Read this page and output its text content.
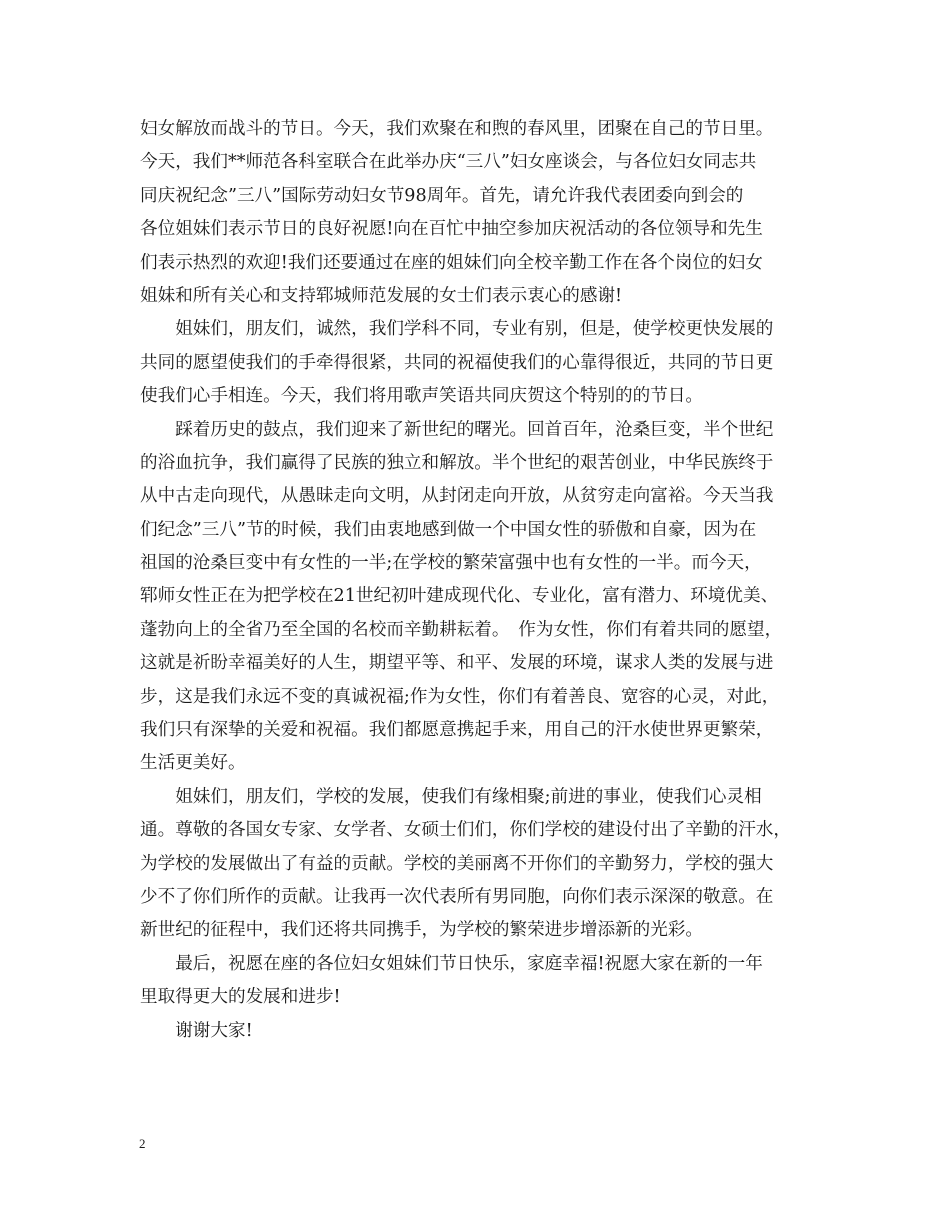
妇女解放而战斗的节日。今天，我们欢聚在和煦的春风里，团聚在自己的节日里。
今天，我们**师范各科室联合在此举办庆“三八”妇女座谈会，与各位妇女同志共
同庆祝纪念”三八”国际劳动妇女节98周年。首先，请允许我代表团委向到会的
各位姐妹们表示节日的良好祝愿!向在百忙中抽空参加庆祝活动的各位领导和先生
们表示热烈的欢迎!我们还要通过在座的姐妹们向全校辛勤工作在各个岗位的妇女
姐妹和所有关心和支持郓城师范发展的女士们表示衷心的感谢!
　　姐妹们，朋友们，诚然，我们学科不同，专业有别，但是，使学校更快发展的
共同的愿望使我们的手牵得很紧，共同的祝福使我们的心靠得很近，共同的节日更
使我们心手相连。今天，我们将用歌声笑语共同庆贺这个特别的的节日。
　　踩着历史的鼓点，我们迎来了新世纪的曙光。回首百年，沧桑巨变，半个世纪
的浴血抗争，我们赢得了民族的独立和解放。半个世纪的艰苦创业，中华民族终于
从中古走向现代，从愚昧走向文明，从封闭走向开放，从贫穷走向富裕。今天当我
们纪念”三八”节的时候，我们由衷地感到做一个中国女性的骄傲和自豪，因为在
祖国的沧桑巨变中有女性的一半;在学校的繁荣富强中也有女性的一半。而今天，
郓师女性正在为把学校在21世纪初叶建成现代化、专业化，富有潜力、环境优美、
蓬勃向上的全省乃至全国的名校而辛勤耕耘着。　作为女性，你们有着共同的愿望，
这就是祈盼幸福美好的人生，期望平等、和平、发展的环境，谋求人类的发展与进
步，这是我们永远不变的真诚祝福;作为女性，你们有着善良、宽容的心灵，对此，
我们只有深挚的关爱和祝福。我们都愿意携起手来，用自己的汗水使世界更繁荣，
生活更美好。
　　姐妹们，朋友们，学校的发展，使我们有缘相聚;前进的事业，使我们心灵相
通。尊敬的各国女专家、女学者、女硕士们们，你们学校的建设付出了辛勤的汗水，
为学校的发展做出了有益的贡献。学校的美丽离不开你们的辛勤努力，学校的强大
少不了你们所作的贡献。让我再一次代表所有男同胞，向你们表示深深的敬意。在
新世纪的征程中，我们还将共同携手，为学校的繁荣进步增添新的光彩。
　　最后，祝愿在座的各位妇女姐妹们节日快乐，家庭幸福!祝愿大家在新的一年
里取得更大的发展和进步!
　　谢谢大家!
2
